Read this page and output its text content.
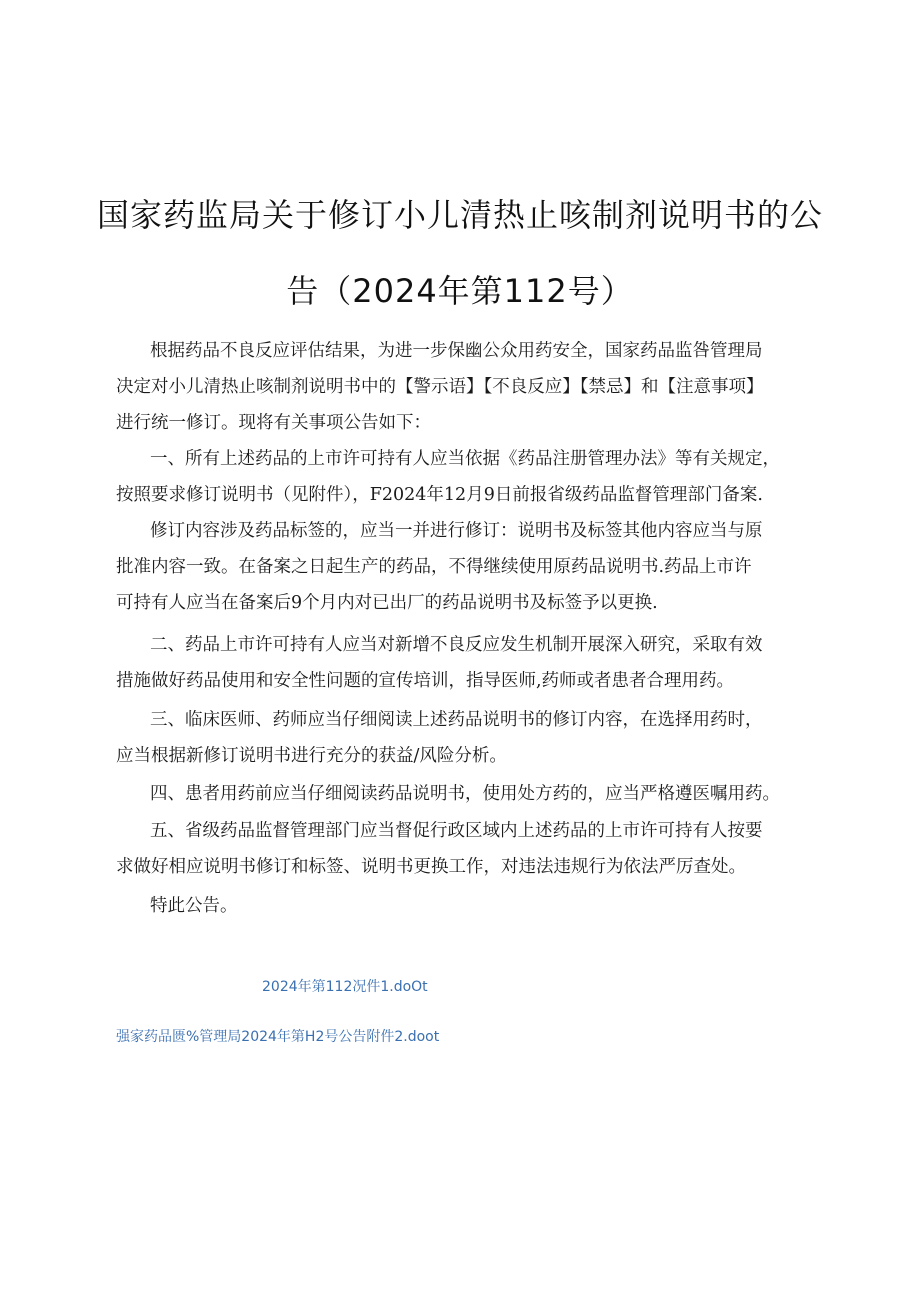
国家药监局关于修订小儿清热止咳制剂说明书的公
告（2024年第112号）
根据药品不良反应评估结果，为进一步保幽公众用药安全，国家药品监咎管理局
决定对小儿清热止咳制剂说明书中的【警示语】【不良反应】【禁忌】和【注意事项】
进行统一修订。现将有关事项公告如下：
一、所有上述药品的上市许可持有人应当依据《药品注册管理办法》等有关规定，
按照要求修订说明书（见附件），F2024年12月9日前报省级药品监督管理部门备案.
修订内容涉及药品标签的，应当一并进行修订：说明书及标签其他内容应当与原
批准内容一致。在备案之日起生产的药品，不得继续使用原药品说明书.药品上市许
可持有人应当在备案后9个月内对已出厂的药品说明书及标签予以更换.
二、药品上市许可持有人应当对新增不良反应发生机制开展深入研究，采取有效
措施做好药品使用和安全性问题的宣传培训，指导医师,药师或者患者合理用药。
三、临床医师、药师应当仔细阅读上述药品说明书的修订内容，在选择用药时，
应当根据新修订说明书进行充分的获益/风险分析。
四、患者用药前应当仔细阅读药品说明书，使用处方药的，应当严格遵医嘱用药。
五、省级药品监督管理部门应当督促行政区域内上述药品的上市许可持有人按要
求做好相应说明书修订和标签、说明书更换工作，对违法违规行为依法严厉查处。
特此公告。
2024年第112况件1.doOt
强家药品匮%管理局2024年第H2号公告附件2.doot
